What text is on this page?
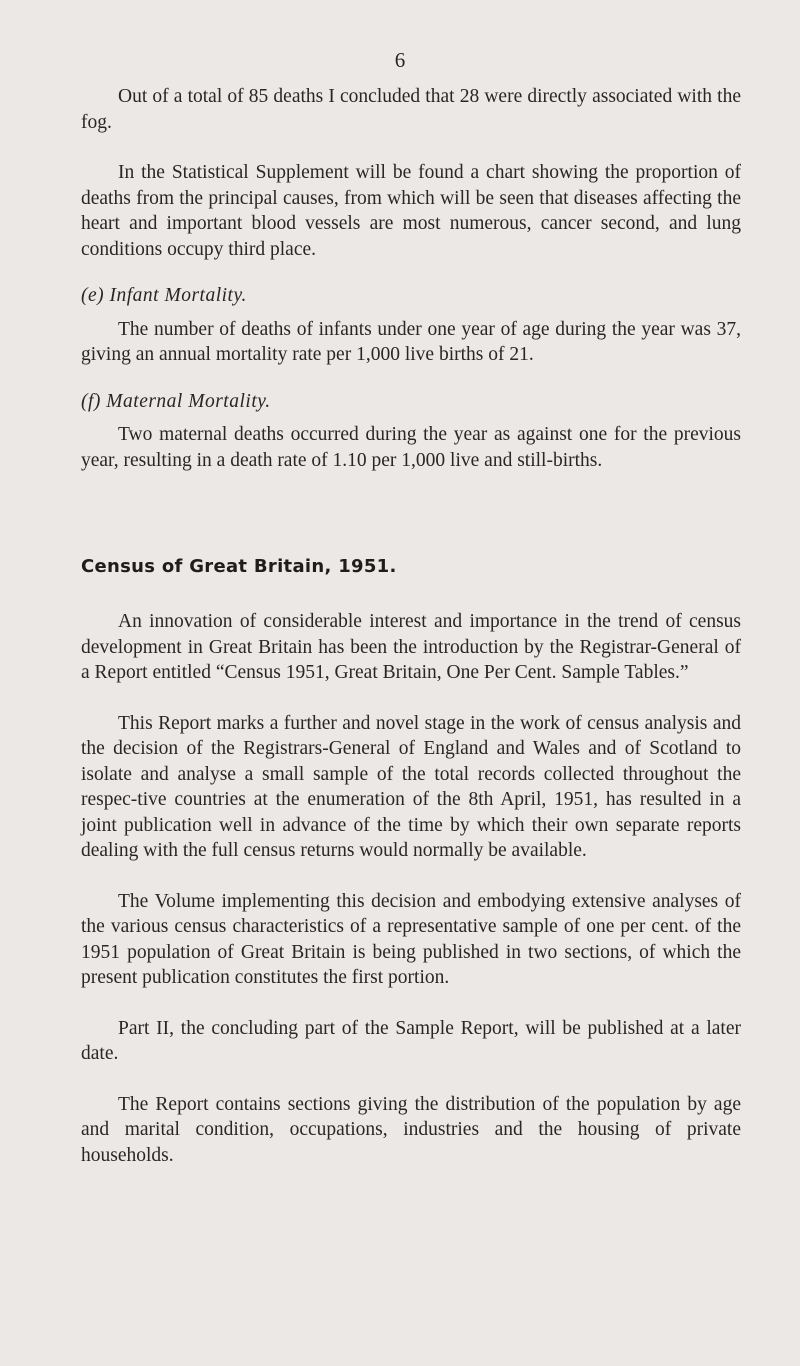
6

Out of a total of 85 deaths I concluded that 28 were directly associated with the fog.

In the Statistical Supplement will be found a chart showing the proportion of deaths from the principal causes, from which will be seen that diseases affecting the heart and important blood vessels are most numerous, cancer second, and lung conditions occupy third place.

(e) Infant Mortality.

The number of deaths of infants under one year of age during the year was 37, giving an annual mortality rate per 1,000 live births of 21.

(f) Maternal Mortality.

Two maternal deaths occurred during the year as against one for the previous year, resulting in a death rate of 1.10 per 1,000 live and still-births.

Census of Great Britain, 1951.

An innovation of considerable interest and importance in the trend of census development in Great Britain has been the introduction by the Registrar-General of a Report entitled “Census 1951, Great Britain, One Per Cent. Sample Tables.”

This Report marks a further and novel stage in the work of census analysis and the decision of the Registrars-General of England and Wales and of Scotland to isolate and analyse a small sample of the total records collected throughout the respec-tive countries at the enumeration of the 8th April, 1951, has resulted in a joint publication well in advance of the time by which their own separate reports dealing with the full census returns would normally be available.

The Volume implementing this decision and embodying extensive analyses of the various census characteristics of a representative sample of one per cent. of the 1951 population of Great Britain is being published in two sections, of which the present publication constitutes the first portion.

Part II, the concluding part of the Sample Report, will be published at a later date.

The Report contains sections giving the distribution of the population by age and marital condition, occupations, industries and the housing of private households.
